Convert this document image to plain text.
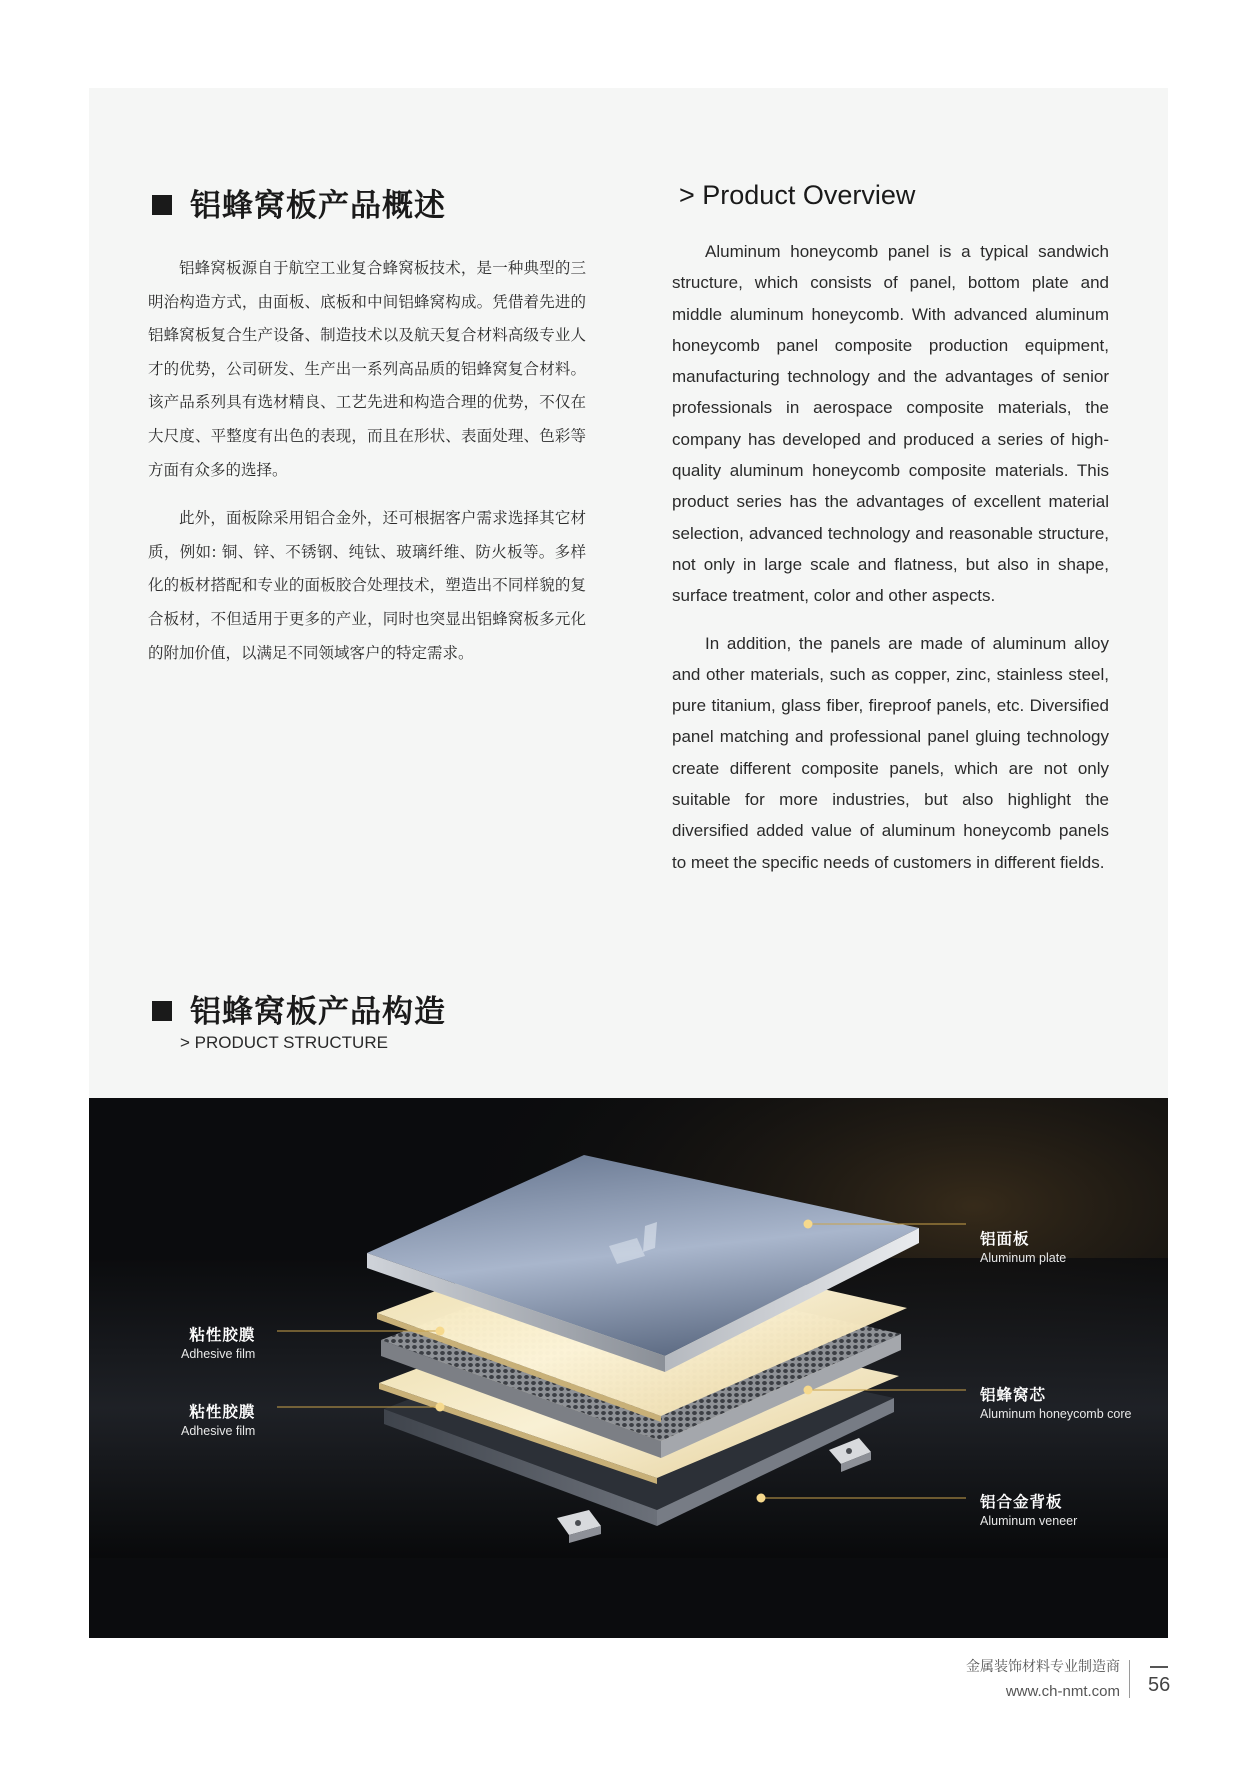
铝蜂窝板产品概述	> Product Overview

铝蜂窝板源自于航空工业复合蜂窝板技术，是一种典型的三明治构造方式，由面板、底板和中间铝蜂窝构成。凭借着先进的铝蜂窝板复合生产设备、制造技术以及航天复合材料高级专业人才的优势，公司研发、生产出一系列高品质的铝蜂窝复合材料。该产品系列具有选材精良、工艺先进和构造合理的优势，不仅在大尺度、平整度有出色的表现，而且在形状、表面处理、色彩等方面有众多的选择。

此外，面板除采用铝合金外，还可根据客户需求选择其它材质，例如: 铜、锌、不锈钢、纯钛、玻璃纤维、防火板等。多样化的板材搭配和专业的面板胶合处理技术，塑造出不同样貌的复合板材，不但适用于更多的产业，同时也突显出铝蜂窝板多元化的附加价值，以满足不同领域客户的特定需求。

Aluminum honeycomb panel is a typical sandwich structure, which consists of panel, bottom plate and middle aluminum honeycomb. With advanced aluminum honeycomb panel composite production equipment, manufacturing technology and the advantages of senior professionals in aerospace composite materials, the company has developed and produced a series of high-quality aluminum honeycomb composite materials. This product series has the advantages of excellent material selection, advanced technology and reasonable structure, not only in large scale and flatness, but also in shape, surface treatment, color and other aspects.

In addition, the panels are made of aluminum alloy and other materials, such as copper, zinc, stainless steel, pure titanium, glass fiber, fireproof panels, etc. Diversified panel matching and professional panel gluing technology create different composite panels, which are not only suitable for more industries, but also highlight the diversified added value of aluminum honeycomb panels to meet the specific needs of customers in different fields.

铝蜂窝板产品构造
> PRODUCT STRUCTURE
铝面板
Aluminum plate
铝蜂窝芯
Aluminum honeycomb core
铝合金背板
Aluminum veneer
粘性胶膜
Adhesive film
粘性胶膜
Adhesive film
金属装饰材料专业制造商
www.ch-nmt.com 56
